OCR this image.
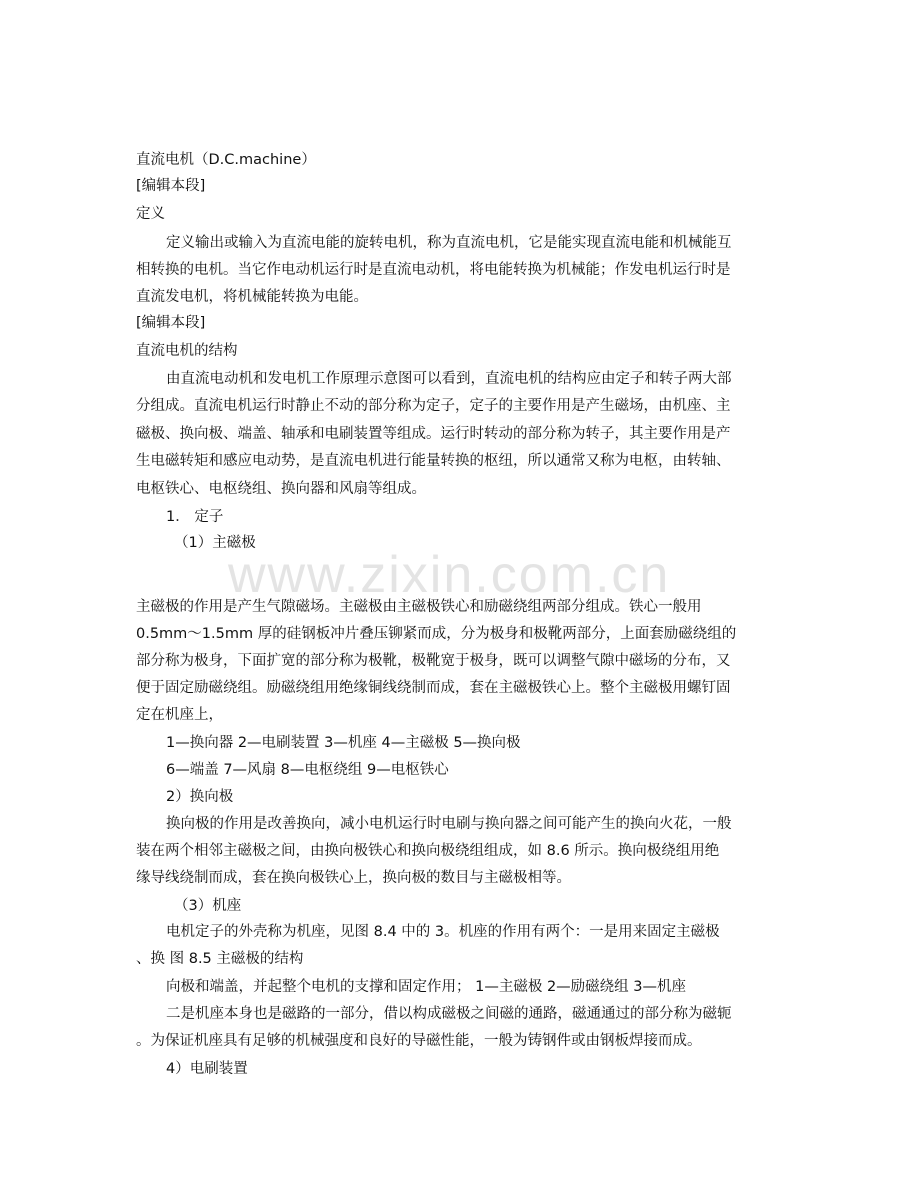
www.zixin.com.cn
直流电机（D.C.machine）
[编辑本段]
定义
定义输出或输入为直流电能的旋转电机，称为直流电机，它是能实现直流电能和机械能互
相转换的电机。当它作电动机运行时是直流电动机，将电能转换为机械能；作发电机运行时是
直流发电机，将机械能转换为电能。
[编辑本段]
直流电机的结构
由直流电动机和发电机工作原理示意图可以看到，直流电机的结构应由定子和转子两大部
分组成。直流电机运行时静止不动的部分称为定子，定子的主要作用是产生磁场，由机座、主
磁极、换向极、端盖、轴承和电刷装置等组成。运行时转动的部分称为转子，其主要作用是产
生电磁转矩和感应电动势，是直流电机进行能量转换的枢纽，所以通常又称为电枢，由转轴、
电枢铁心、电枢绕组、换向器和风扇等组成。
1． 定子
（1）主磁极
主磁极的作用是产生气隙磁场。主磁极由主磁极铁心和励磁绕组两部分组成。铁心一般用
0.5mm～1.5mm 厚的硅钢板冲片叠压铆紧而成，分为极身和极靴两部分，上面套励磁绕组的
部分称为极身，下面扩宽的部分称为极靴，极靴宽于极身，既可以调整气隙中磁场的分布，又
便于固定励磁绕组。励磁绕组用绝缘铜线绕制而成，套在主磁极铁心上。整个主磁极用螺钉固
定在机座上，
1—换向器 2—电刷装置 3—机座 4—主磁极 5—换向极
6—端盖 7—风扇 8—电枢绕组 9—电枢铁心
2）换向极
换向极的作用是改善换向，减小电机运行时电刷与换向器之间可能产生的换向火花，一般
装在两个相邻主磁极之间，由换向极铁心和换向极绕组组成，如 8.6 所示。换向极绕组用绝
缘导线绕制而成，套在换向极铁心上，换向极的数目与主磁极相等。
（3）机座
电机定子的外壳称为机座，见图 8.4 中的 3。机座的作用有两个：一是用来固定主磁极
、换 图 8.5 主磁极的结构
向极和端盖，并起整个电机的支撑和固定作用； 1—主磁极 2—励磁绕组 3—机座
二是机座本身也是磁路的一部分，借以构成磁极之间磁的通路，磁通通过的部分称为磁轭
。为保证机座具有足够的机械强度和良好的导磁性能，一般为铸钢件或由钢板焊接而成。
4）电刷装置
